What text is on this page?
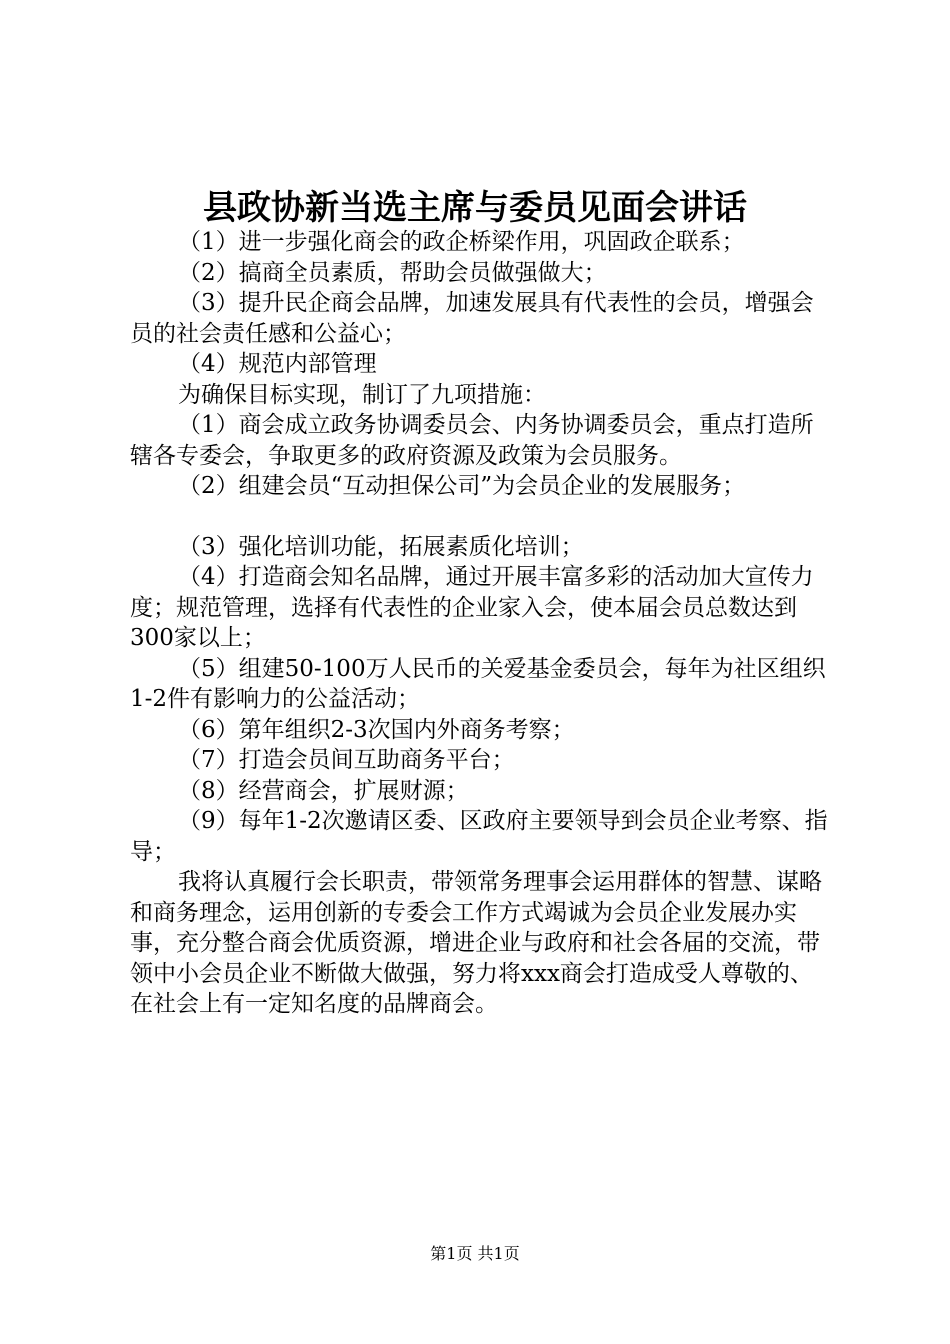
县政协新当选主席与委员见面会讲话

（1）进一步强化商会的政企桥梁作用，巩固政企联系；

（2）搞商全员素质，帮助会员做强做大；

（3）提升民企商会品牌，加速发展具有代表性的会员，增强会员的社会责任感和公益心；

（4）规范内部管理

为确保目标实现，制订了九项措施：

（1）商会成立政务协调委员会、内务协调委员会，重点打造所辖各专委会，争取更多的政府资源及政策为会员服务。

（2）组建会员“互动担保公司”为会员企业的发展服务；

（3）强化培训功能，拓展素质化培训；

（4）打造商会知名品牌，通过开展丰富多彩的活动加大宣传力度；规范管理，选择有代表性的企业家入会，使本届会员总数达到300家以上；

（5）组建50-100万人民币的关爱基金委员会，每年为社区组织1-2件有影响力的公益活动；

（6）第年组织2-3次国内外商务考察；

（7）打造会员间互助商务平台；

（8）经营商会，扩展财源；

（9）每年1-2次邀请区委、区政府主要领导到会员企业考察、指导；

我将认真履行会长职责，带领常务理事会运用群体的智慧、谋略和商务理念，运用创新的专委会工作方式竭诚为会员企业发展办实事，充分整合商会优质资源，增进企业与政府和社会各届的交流，带领中小会员企业不断做大做强，努力将xxx商会打造成受人尊敬的、在社会上有一定知名度的品牌商会。

第1页 共1页
